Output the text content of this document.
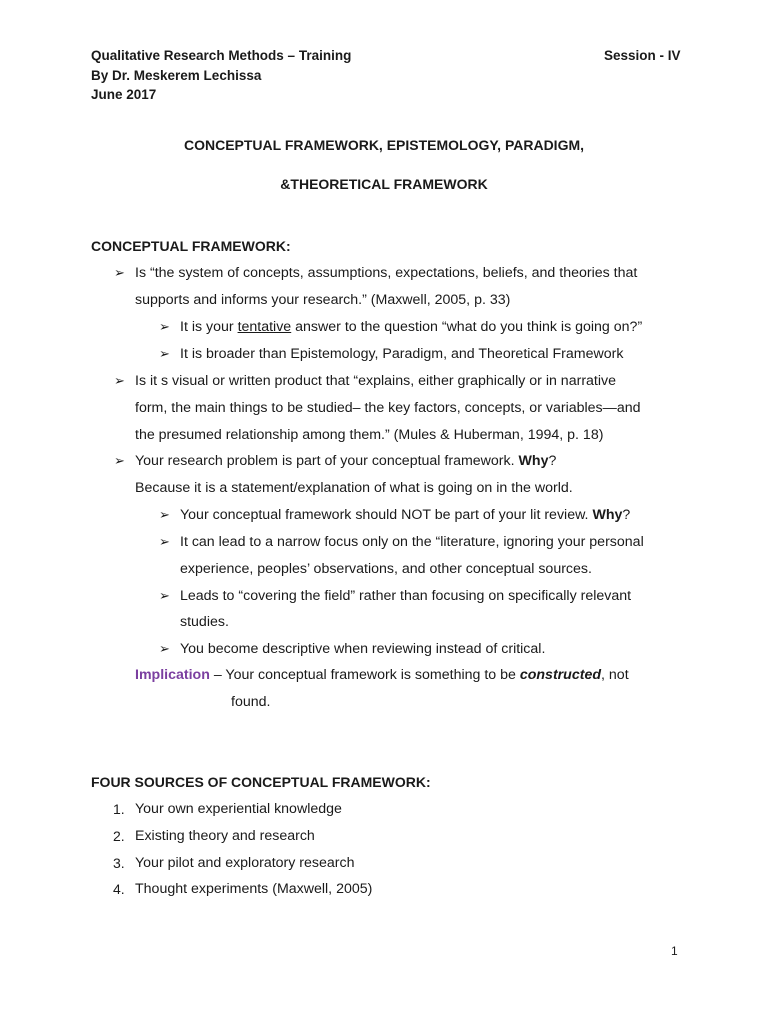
Qualitative Research Methods – Training	Session - IV
By Dr. Meskerem Lechissa
June 2017
CONCEPTUAL FRAMEWORK, EPISTEMOLOGY, PARADIGM,
&THEORETICAL FRAMEWORK
CONCEPTUAL FRAMEWORK:
➢ Is “the system of concepts, assumptions, expectations, beliefs, and theories that
supports and informs your research.” (Maxwell, 2005, p. 33)
➢ It is your tentative answer to the question “what do you think is going on?”
➢ It is broader than Epistemology, Paradigm, and Theoretical Framework
➢ Is it s visual or written product that “explains, either graphically or in narrative
form, the main things to be studied– the key factors, concepts, or variables—and
the presumed relationship among them.” (Mules & Huberman, 1994, p. 18)
➢ Your research problem is part of your conceptual framework. Why?
Because it is a statement/explanation of what is going on in the world.
➢ Your conceptual framework should NOT be part of your lit review. Why?
➢ It can lead to a narrow focus only on the “literature, ignoring your personal
experience, peoples’ observations, and other conceptual sources.
➢ Leads to “covering the field” rather than focusing on specifically relevant
studies.
➢ You become descriptive when reviewing instead of critical.
Implication – Your conceptual framework is something to be constructed, not
found.
FOUR SOURCES OF CONCEPTUAL FRAMEWORK:
1. Your own experiential knowledge
2. Existing theory and research
3. Your pilot and exploratory research
4. Thought experiments (Maxwell, 2005)
1
